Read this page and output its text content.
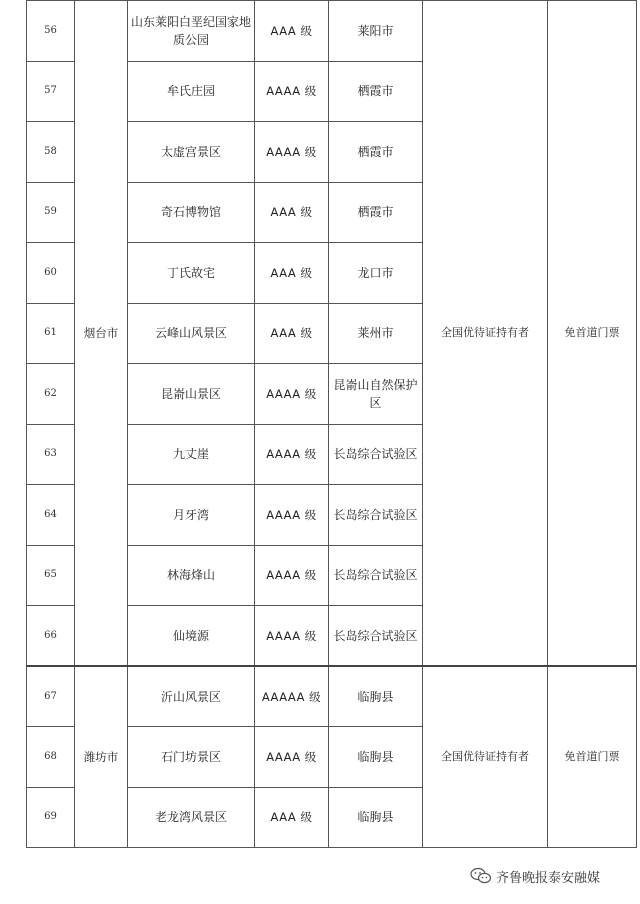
56	烟台市	山东莱阳白垩纪国家地质公园	AAA 级	莱阳市	全国优待证持有者	免首道门票
57		牟氏庄园	AAAA 级	栖霞市		
58		太虚宫景区	AAAA 级	栖霞市		
59		奇石博物馆	AAA 级	栖霞市		
60		丁氏故宅	AAA 级	龙口市		
61		云峰山风景区	AAA 级	莱州市		
62		昆嵛山景区	AAAA 级	昆嵛山自然保护区		
63		九丈崖	AAAA 级	长岛综合试验区		
64		月牙湾	AAAA 级	长岛综合试验区		
65		林海烽山	AAAA 级	长岛综合试验区		
66		仙境源	AAAA 级	长岛综合试验区		
67	潍坊市	沂山风景区	AAAAA 级	临朐县	全国优待证持有者	免首道门票
68		石门坊景区	AAAA 级	临朐县		
69		老龙湾风景区	AAA 级	临朐县		
齐鲁晚报泰安融媒
